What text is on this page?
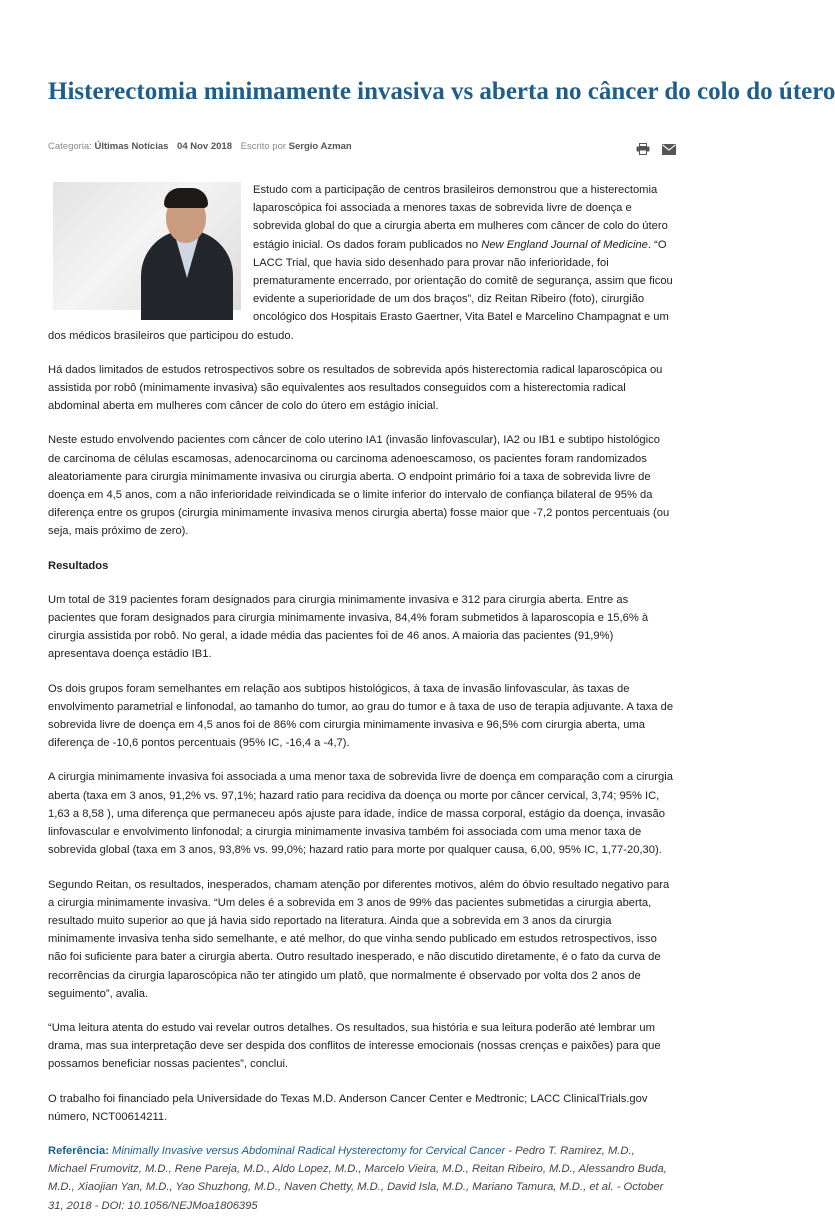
Histerectomia minimamente invasiva vs aberta no câncer do colo do útero
Categoria: Últimas Notícias 04 Nov 2018 Escrito por Sergio Azman

Estudo com a participação de centros brasileiros demonstrou que a histerectomia laparoscópica foi associada a menores taxas de sobrevida livre de doença e sobrevida global do que a cirurgia aberta em mulheres com câncer de colo do útero estágio inicial. Os dados foram publicados no New England Journal of Medicine. “O LACC Trial, que havia sido desenhado para provar não inferioridade, foi prematuramente encerrado, por orientação do comitê de segurança, assim que ficou evidente a superioridade de um dos braços”, diz Reitan Ribeiro (foto), cirurgião oncológico dos Hospitais Erasto Gaertner, Vita Batel e Marcelino Champagnat e um dos médicos brasileiros que participou do estudo.

Há dados limitados de estudos retrospectivos sobre os resultados de sobrevida após histerectomia radical laparoscópica ou assistida por robô (minimamente invasiva) são equivalentes aos resultados conseguidos com a histerectomia radical abdominal aberta em mulheres com câncer de colo do útero em estágio inicial.

Neste estudo envolvendo pacientes com câncer de colo uterino IA1 (invasão linfovascular), IA2 ou IB1 e subtipo histológico de carcinoma de células escamosas, adenocarcinoma ou carcinoma adenoescamoso, os pacientes foram randomizados aleatoriamente para cirurgia minimamente invasiva ou cirurgia aberta. O endpoint primário foi a taxa de sobrevida livre de doença em 4,5 anos, com a não inferioridade reivindicada se o limite inferior do intervalo de confiança bilateral de 95% da diferença entre os grupos (cirurgia minimamente invasiva menos cirurgia aberta) fosse maior que -7,2 pontos percentuais (ou seja, mais próximo de zero).

Resultados

Um total de 319 pacientes foram designados para cirurgia minimamente invasiva e 312 para cirurgia aberta. Entre as pacientes que foram designados para cirurgia minimamente invasiva, 84,4% foram submetidos à laparoscopia e 15,6% à cirurgia assistida por robô. No geral, a idade média das pacientes foi de 46 anos. A maioria das pacientes (91,9%) apresentava doença estádio IB1.

Os dois grupos foram semelhantes em relação aos subtipos histológicos, à taxa de invasão linfovascular, às taxas de envolvimento parametrial e linfonodal, ao tamanho do tumor, ao grau do tumor e à taxa de uso de terapia adjuvante. A taxa de sobrevida livre de doença em 4,5 anos foi de 86% com cirurgia minimamente invasiva e 96,5% com cirurgia aberta, uma diferença de -10,6 pontos percentuais (95% IC, -16,4 a -4,7).

A cirurgia minimamente invasiva foi associada a uma menor taxa de sobrevida livre de doença em comparação com a cirurgia aberta (taxa em 3 anos, 91,2% vs. 97,1%; hazard ratio para recidiva da doença ou morte por câncer cervical, 3,74; 95% IC, 1,63 a 8,58 ), uma diferença que permaneceu após ajuste para idade, índice de massa corporal, estágio da doença, invasão linfovascular e envolvimento linfonodal; a cirurgia minimamente invasiva também foi associada com uma menor taxa de sobrevida global (taxa em 3 anos, 93,8% vs. 99,0%; hazard ratio para morte por qualquer causa, 6,00, 95% IC, 1,77-20,30).

Segundo Reitan, os resultados, inesperados, chamam atenção por diferentes motivos, além do óbvio resultado negativo para a cirurgia minimamente invasiva. “Um deles é a sobrevida em 3 anos de 99% das pacientes submetidas a cirurgia aberta, resultado muito superior ao que já havia sido reportado na literatura. Ainda que a sobrevida em 3 anos da cirurgia minimamente invasiva tenha sido semelhante, e até melhor, do que vinha sendo publicado em estudos retrospectivos, isso não foi suficiente para bater a cirurgia aberta. Outro resultado inesperado, e não discutido diretamente, é o fato da curva de recorrências da cirurgia laparoscópica não ter atingido um platô, que normalmente é observado por volta dos 2 anos de seguimento”, avalia.

“Uma leitura atenta do estudo vai revelar outros detalhes. Os resultados, sua história e sua leitura poderão até lembrar um drama, mas sua interpretação deve ser despida dos conflitos de interesse emocionais (nossas crenças e paixões) para que possamos beneficiar nossas pacientes”, conclui.

O trabalho foi financiado pela Universidade do Texas M.D. Anderson Cancer Center e Medtronic; LACC ClinicalTrials.gov número, NCT00614211.

Referência: Minimally Invasive versus Abdominal Radical Hysterectomy for Cervical Cancer - Pedro T. Ramirez, M.D., Michael Frumovitz, M.D., Rene Pareja, M.D., Aldo Lopez, M.D., Marcelo Vieira, M.D., Reitan Ribeiro, M.D., Alessandro Buda, M.D., Xiaojian Yan, M.D., Yao Shuzhong, M.D., Naven Chetty, M.D., David Isla, M.D., Mariano Tamura, M.D., et al. - October 31, 2018 - DOI: 10.1056/NEJMoa1806395
